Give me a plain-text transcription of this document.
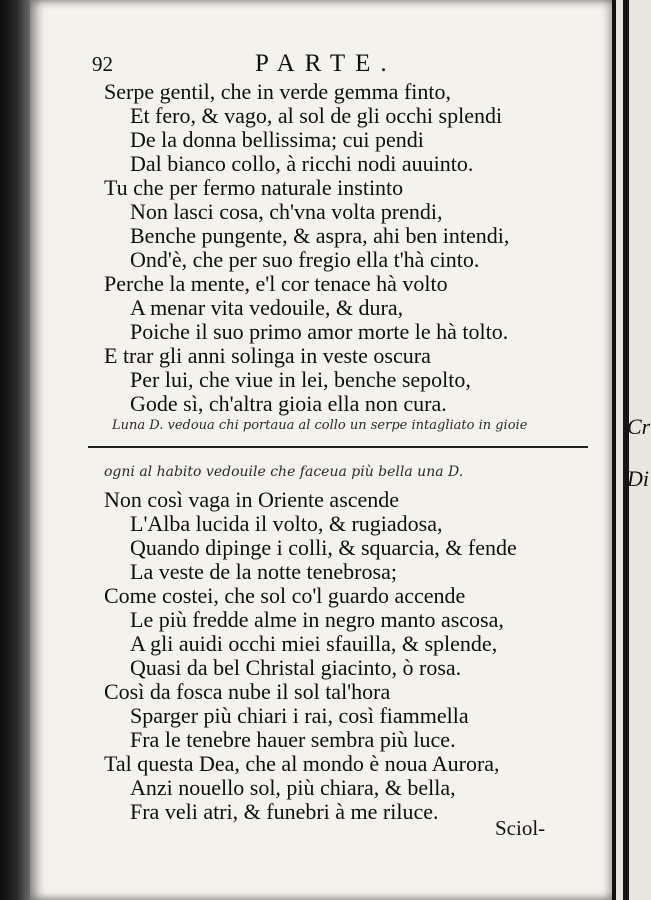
Cr
Di
92	PARTE.
Serpe gentil, che in verde gemma finto,
Et fero, & vago, al sol de gli occhi splendi
De la donna bellissima; cui pendi
Dal bianco collo, à ricchi nodi auuinto.
Tu che per fermo naturale instinto
Non lasci cosa, ch'vna volta prendi,
Benche pungente, & aspra, ahi ben intendi,
Ond'è, che per suo fregio ella t'hà cinto.
Perche la mente, e'l cor tenace hà volto
A menar vita vedouile, & dura,
Poiche il suo primo amor morte le hà tolto.
E trar gli anni solinga in veste oscura
Per lui, che viue in lei, benche sepolto,
Gode sì, ch'altra gioia ella non cura.
Luna D. vedoua chi portaua al collo un serpe intagliato in gioie
ogni al habito vedouile che faceua più bella una D.
Non così vaga in Oriente ascende
L'Alba lucida il volto, & rugiadosa,
Quando dipinge i colli, & squarcia, & fende
La veste de la notte tenebrosa;
Come costei, che sol co'l guardo accende
Le più fredde alme in negro manto ascosa,
A gli auidi occhi miei sfauilla, & splende,
Quasi da bel Christal giacinto, ò rosa.
Così da fosca nube il sol tal'hora
Sparger più chiari i rai, così fiammella
Fra le tenebre hauer sembra più luce.
Tal questa Dea, che al mondo è noua Aurora,
Anzi nouello sol, più chiara, & bella,
Fra veli atri, & funebri à me riluce.
Sciol-
